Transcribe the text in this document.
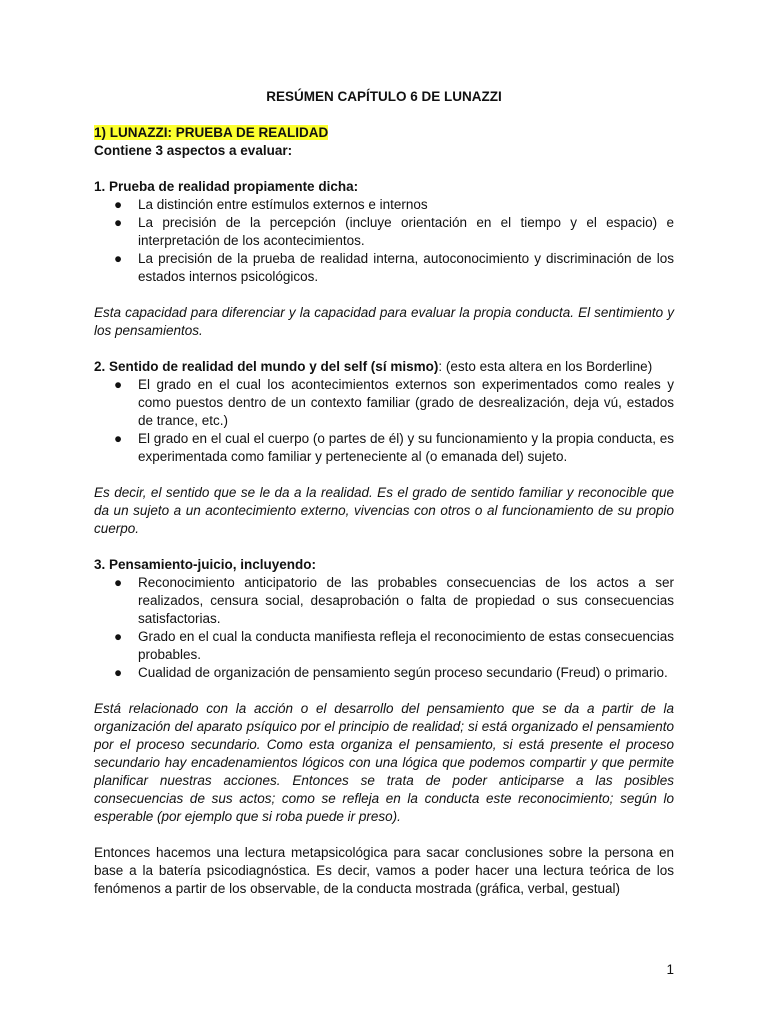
RESÚMEN CAPÍTULO 6 DE LUNAZZI

1) LUNAZZI: PRUEBA DE REALIDAD

Contiene 3 aspectos a evaluar:

1. Prueba de realidad propiamente dicha:

● La distinción entre estímulos externos e internos
● La precisión de la percepción (incluye orientación en el tiempo y el espacio) e interpretación de los acontecimientos.
● La precisión de la prueba de realidad interna, autoconocimiento y discriminación de los estados internos psicológicos.

Esta capacidad para diferenciar y la capacidad para evaluar la propia conducta. El sentimiento y los pensamientos.

2. Sentido de realidad del mundo y del self (sí mismo): (esto esta altera en los Borderline)

● El grado en el cual los acontecimientos externos son experimentados como reales y como puestos dentro de un contexto familiar (grado de desrealización, deja vú, estados de trance, etc.)
● El grado en el cual el cuerpo (o partes de él) y su funcionamiento y la propia conducta, es experimentada como familiar y perteneciente al (o emanada del) sujeto.

Es decir, el sentido que se le da a la realidad. Es el grado de sentido familiar y reconocible que da un sujeto a un acontecimiento externo, vivencias con otros o al funcionamiento de su propio cuerpo.

3. Pensamiento-juicio, incluyendo:

● Reconocimiento anticipatorio de las probables consecuencias de los actos a ser realizados, censura social, desaprobación o falta de propiedad o sus consecuencias satisfactorias.
● Grado en el cual la conducta manifiesta refleja el reconocimiento de estas consecuencias probables.
● Cualidad de organización de pensamiento según proceso secundario (Freud) o primario.

Está relacionado con la acción o el desarrollo del pensamiento que se da a partir de la organización del aparato psíquico por el principio de realidad; si está organizado el pensamiento por el proceso secundario. Como esta organiza el pensamiento, si está presente el proceso secundario hay encadenamientos lógicos con una lógica que podemos compartir y que permite planificar nuestras acciones. Entonces se trata de poder anticiparse a las posibles consecuencias de sus actos; como se refleja en la conducta este reconocimiento; según lo esperable (por ejemplo que si roba puede ir preso).

Entonces hacemos una lectura metapsicológica para sacar conclusiones sobre la persona en base a la batería psicodiagnóstica. Es decir, vamos a poder hacer una lectura teórica de los fenómenos a partir de los observable, de la conducta mostrada (gráfica, verbal, gestual)

1
